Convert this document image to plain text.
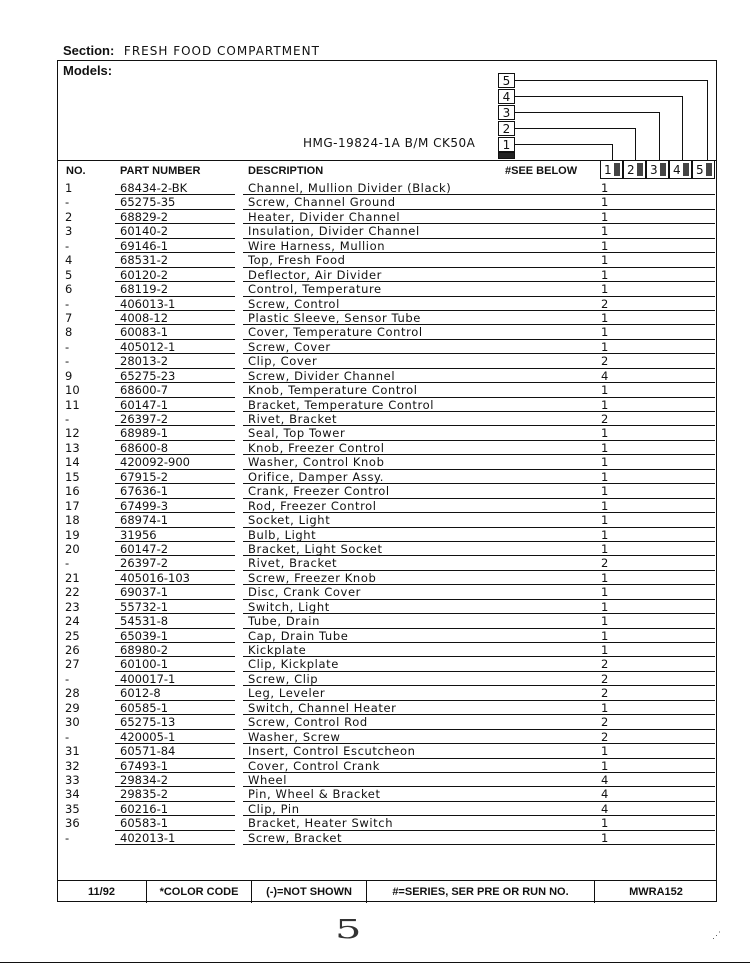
Section: FRESH FOOD COMPARTMENT
Models:
HMG-19824-1A B/M CK50A
5
4
3
2
1
NO.	PART NUMBER	DESCRIPTION	#SEE BELOW	1	2	3	4	5
1	68434-2-BK	Channel, Mullion Divider (Black)	1
-	65275-35	Screw, Channel Ground	1
2	68829-2	Heater, Divider Channel	1
3	60140-2	Insulation, Divider Channel	1
-	69146-1	Wire Harness, Mullion	1
4	68531-2	Top, Fresh Food	1
5	60120-2	Deflector, Air Divider	1
6	68119-2	Control, Temperature	1
-	406013-1	Screw, Control	2
7	4008-12	Plastic Sleeve, Sensor Tube	1
8	60083-1	Cover, Temperature Control	1
-	405012-1	Screw, Cover	1
-	28013-2	Clip, Cover	2
9	65275-23	Screw, Divider Channel	4
10	68600-7	Knob, Temperature Control	1
11	60147-1	Bracket, Temperature Control	1
-	26397-2	Rivet, Bracket	2
12	68989-1	Seal, Top Tower	1
13	68600-8	Knob, Freezer Control	1
14	420092-900	Washer, Control Knob	1
15	67915-2	Orifice, Damper Assy.	1
16	67636-1	Crank, Freezer Control	1
17	67499-3	Rod, Freezer Control	1
18	68974-1	Socket, Light	1
19	31956	Bulb, Light	1
20	60147-2	Bracket, Light Socket	1
-	26397-2	Rivet, Bracket	2
21	405016-103	Screw, Freezer Knob	1
22	69037-1	Disc, Crank Cover	1
23	55732-1	Switch, Light	1
24	54531-8	Tube, Drain	1
25	65039-1	Cap, Drain Tube	1
26	68980-2	Kickplate	1
27	60100-1	Clip, Kickplate	2
-	400017-1	Screw, Clip	2
28	6012-8	Leg, Leveler	2
29	60585-1	Switch, Channel Heater	1
30	65275-13	Screw, Control Rod	2
-	420005-1	Washer, Screw	2
31	60571-84	Insert, Control Escutcheon	1
32	67493-1	Cover, Control Crank	1
33	29834-2	Wheel	4
34	29835-2	Pin, Wheel & Bracket	4
35	60216-1	Clip, Pin	4
36	60583-1	Bracket, Heater Switch	1
-	402013-1	Screw, Bracket	1
11/92	*COLOR CODE	(-)=NOT SHOWN	#=SERIES, SER PRE OR RUN NO.	MWRA152
5	⋰
